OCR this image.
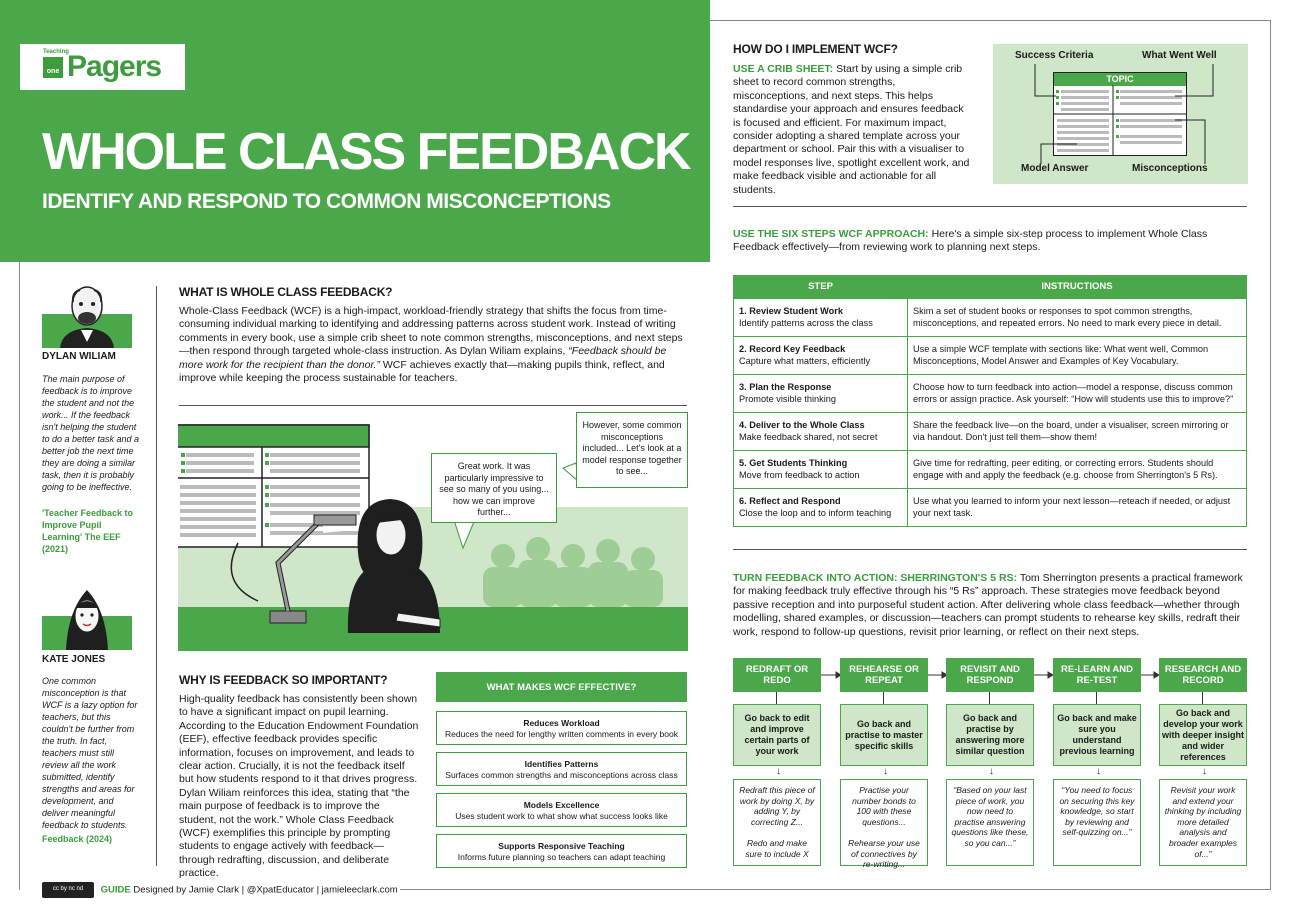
Teaching
one Pagers
WHOLE CLASS FEEDBACK
IDENTIFY AND RESPOND TO COMMON MISCONCEPTIONS
DYLAN WILIAM
The main purpose of feedback is to improve the student and not the work... If the feedback isn't helping the student to do a better task and a better job the next time they are doing a similar task, then it is probably going to be ineffective.
'Teacher Feedback to Improve Pupil Learning' The EEF (2021)
KATE JONES
One common misconception is that WCF is a lazy option for teachers, but this couldn't be further from the truth. In fact, teachers must still review all the work submitted, identify strengths and areas for development, and deliver meaningful feedback to students.
Feedback (2024)
WHAT IS WHOLE CLASS FEEDBACK?
Whole-Class Feedback (WCF) is a high-impact, workload-friendly strategy that shifts the focus from time-consuming individual marking to identifying and addressing patterns across student work. Instead of writing comments in every book, use a simple crib sheet to note common strengths, misconceptions, and next steps—then respond through targeted whole-class instruction. As Dylan Wiliam explains, “Feedback should be more work for the recipient than the donor.” WCF achieves exactly that—making pupils think, reflect, and improve while keeping the process sustainable for teachers.
Great work. It was particularly impressive to see so many of you using... how we can improve further...
However, some common misconceptions included... Let's look at a model response together to see...
WHY IS FEEDBACK SO IMPORTANT?
High-quality feedback has consistently been shown to have a significant impact on pupil learning. According to the Education Endowment Foundation (EEF), effective feedback provides specific information, focuses on improvement, and leads to clear action. Crucially, it is not the feedback itself but how students respond to it that drives progress. Dylan Wiliam reinforces this idea, stating that “the main purpose of feedback is to improve the student, not the work.” Whole Class Feedback (WCF) exemplifies this principle by prompting students to engage actively with feedback—through redrafting, discussion, and deliberate practice.
WHAT MAKES WCF EFFECTIVE?
Reduces Workload
Reduces the need for lengthy written comments in every book
Identifies Patterns
Surfaces common strengths and misconceptions across class
Models Excellence
Uses student work to what show what success looks like
Supports Responsive Teaching
Informs future planning so teachers can adapt teaching
HOW DO I IMPLEMENT WCF?
USE A CRIB SHEET: Start by using a simple crib sheet to record common strengths, misconceptions, and next steps. This helps standardise your approach and ensures feedback is focused and efficient. For maximum impact, consider adopting a shared template across your department or school. Pair this with a visualiser to model responses live, spotlight excellent work, and make feedback visible and actionable for all students.
Success Criteria	What Went Well
TOPIC
Model Answer	Misconceptions
USE THE SIX STEPS WCF APPROACH: Here's a simple six-step process to implement Whole Class Feedback effectively—from reviewing work to planning next steps.
STEP	INSTRUCTIONS

1. Review Student Work
Identify patterns across the class	Skim a set of student books or responses to spot common strengths, misconceptions, and repeated errors. No need to mark every piece in detail.

2. Record Key Feedback
Capture what matters, efficiently	Use a simple WCF template with sections like: What went well, Common Misconceptions, Model Answer and Examples of Key Vocabulary.

3. Plan the Response
Promote visible thinking	Choose how to turn feedback into action—model a response, discuss common errors or assign practice. Ask yourself: “How will students use this to improve?”

4. Deliver to the Whole Class
Make feedback shared, not secret	Share the feedback live—on the board, under a visualiser, screen mirroring or via handout. Don't just tell them—show them!

5. Get Students Thinking
Move from feedback to action	Give time for redrafting, peer editing, or correcting errors. Students should engage with and apply the feedback (e.g. choose from Sherrington's 5 Rs).

6. Reflect and Respond
Close the loop and to inform teaching	Use what you learned to inform your next lesson—reteach if needed, or adjust your next task.
TURN FEEDBACK INTO ACTION: SHERRINGTON'S 5 RS: Tom Sherrington presents a practical framework for making feedback truly effective through his “5 Rs” approach. These strategies move feedback beyond passive reception and into purposeful student action. After delivering whole class feedback—whether through modelling, shared examples, or discussion—teachers can prompt students to rehearse key skills, redraft their work, respond to follow-up questions, revisit prior learning, or reflect on their next steps.
REDRAFT OR REDO
Go back to edit and improve certain parts of your work
↓
Redraft this piece of work by doing X, by adding Y, by correcting Z...

Redo and make sure to include X
REHEARSE OR REPEAT
Go back and practise to master specific skills
↓
Practise your number bonds to 100 with these questions...

Rehearse your use of connectives by re-writing...
REVISIT AND RESPOND
Go back and practise by answering more similar question
↓
“Based on your last piece of work, you now need to practise answering questions like these, so you can...”
RE-LEARN AND RE-TEST
Go back and make sure you understand previous learning
↓
“You need to focus on securing this key knowledge, so start by reviewing and self-quizzing on...”
RESEARCH AND RECORD
Go back and develop your work with deeper insight and wider references
↓
Revisit your work and extend your thinking by including more detailed analysis and broader examples of...”
cc by nc nd GUIDE Designed by Jamie Clark | @XpatEducator | jamieleeclark.com
